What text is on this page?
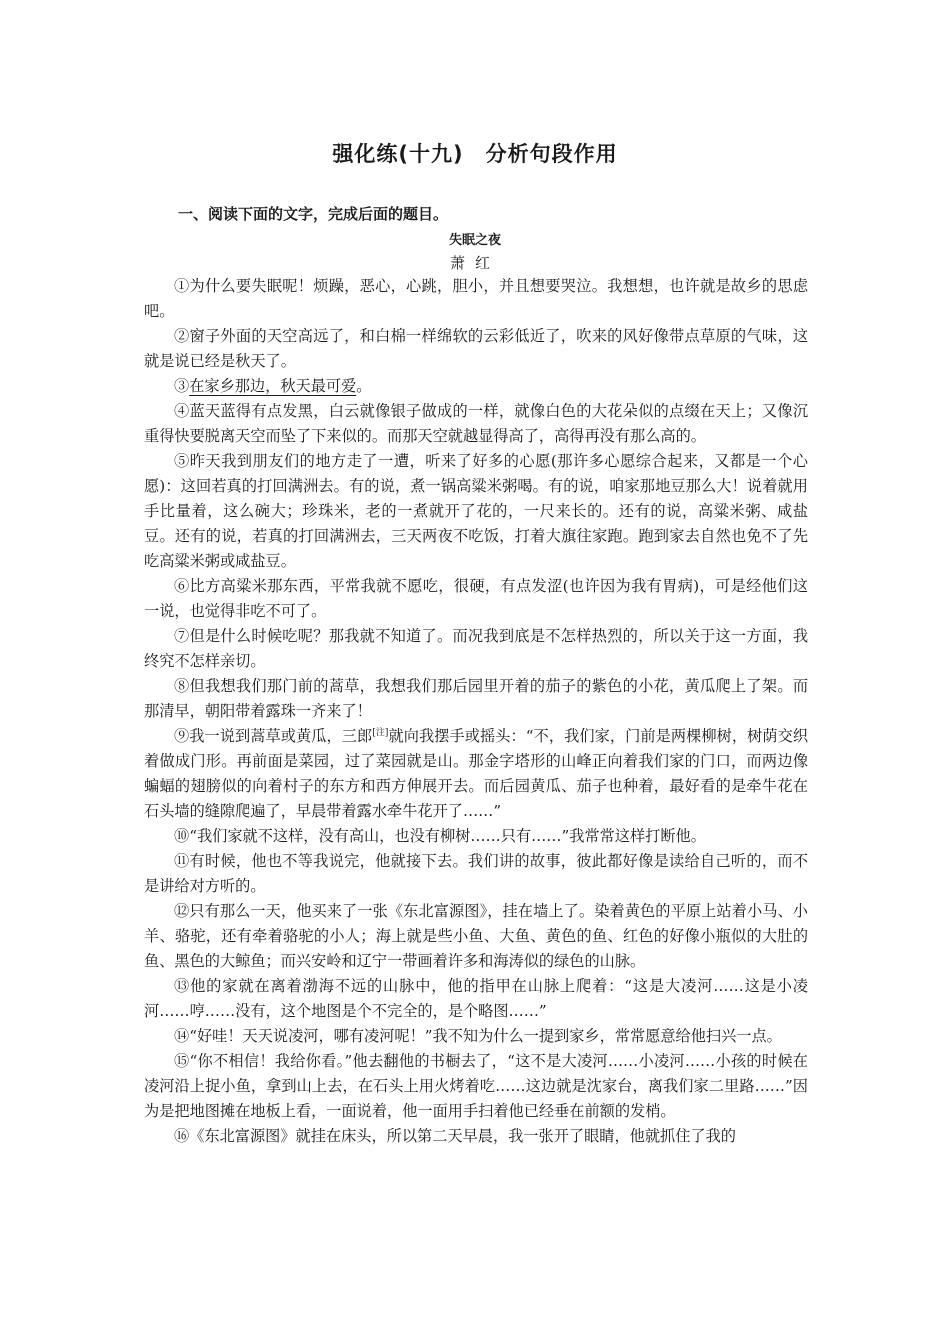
强化练(十九) 分析句段作用
一、阅读下面的文字，完成后面的题目。
失眠之夜
萧红

①为什么要失眠呢！烦躁，恶心，心跳，胆小，并且想要哭泣。我想想，也许就是故乡的思虑吧。

②窗子外面的天空高远了，和白棉一样绵软的云彩低近了，吹来的风好像带点草原的气味，这就是说已经是秋天了。

③在家乡那边，秋天最可爱。

④蓝天蓝得有点发黑，白云就像银子做成的一样，就像白色的大花朵似的点缀在天上；又像沉重得快要脱离天空而坠了下来似的。而那天空就越显得高了，高得再没有那么高的。

⑤昨天我到朋友们的地方走了一遭，听来了好多的心愿(那许多心愿综合起来，又都是一个心愿)：这回若真的打回满洲去。有的说，煮一锅高粱米粥喝。有的说，咱家那地豆那么大！说着就用手比量着，这么碗大；珍珠米，老的一煮就开了花的，一尺来长的。还有的说，高粱米粥、咸盐豆。还有的说，若真的打回满洲去，三天两夜不吃饭，打着大旗往家跑。跑到家去自然也免不了先吃高粱米粥或咸盐豆。

⑥比方高粱米那东西，平常我就不愿吃，很硬，有点发涩(也许因为我有胃病)，可是经他们这一说，也觉得非吃不可了。

⑦但是什么时候吃呢？那我就不知道了。而况我到底是不怎样热烈的，所以关于这一方面，我终究不怎样亲切。

⑧但我想我们那门前的蒿草，我想我们那后园里开着的茄子的紫色的小花，黄瓜爬上了架。而那清早，朝阳带着露珠一齐来了！

⑨我一说到蒿草或黄瓜，三郎[注]就向我摆手或摇头：“不，我们家，门前是两棵柳树，树荫交织着做成门形。再前面是菜园，过了菜园就是山。那金字塔形的山峰正向着我们家的门口，而两边像蝙蝠的翅膀似的向着村子的东方和西方伸展开去。而后园黄瓜、茄子也种着，最好看的是牵牛花在石头墙的缝隙爬遍了，早晨带着露水牵牛花开了……”

⑩“我们家就不这样，没有高山，也没有柳树……只有……”我常常这样打断他。

⑪有时候，他也不等我说完，他就接下去。我们讲的故事，彼此都好像是读给自己听的，而不是讲给对方听的。

⑫只有那么一天，他买来了一张《东北富源图》，挂在墙上了。染着黄色的平原上站着小马、小羊、骆驼，还有牵着骆驼的小人；海上就是些小鱼、大鱼、黄色的鱼、红色的好像小瓶似的大肚的鱼、黑色的大鲸鱼；而兴安岭和辽宁一带画着许多和海涛似的绿色的山脉。

⑬他的家就在离着渤海不远的山脉中，他的指甲在山脉上爬着：“这是大凌河……这是小凌河……哼……没有，这个地图是个不完全的，是个略图……”

⑭“好哇！天天说凌河，哪有凌河呢！”我不知为什么一提到家乡，常常愿意给他扫兴一点。

⑮“你不相信！我给你看。”他去翻他的书橱去了，“这不是大凌河……小凌河……小孩的时候在凌河沿上捉小鱼，拿到山上去，在石头上用火烤着吃……这边就是沈家台，离我们家二里路……”因为是把地图摊在地板上看，一面说着，他一面用手扫着他已经垂在前额的发梢。

⑯《东北富源图》就挂在床头，所以第二天早晨，我一张开了眼睛，他就抓住了我的
